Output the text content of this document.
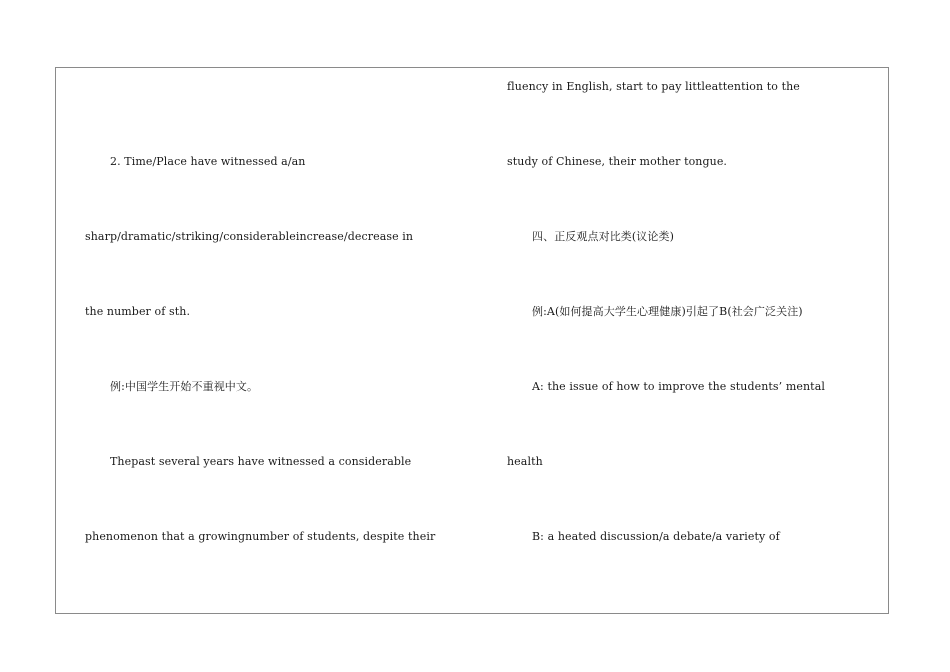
2. Time/Place have witnessed a/an
sharp/dramatic/striking/considerableincrease/decrease in
the number of sth.
例:中国学生开始不重视中文。
Thepast several years have witnessed a considerable
phenomenon that a growingnumber of students, despite their
fluency in English, start to pay littleattention to the
study of Chinese, their mother tongue.
四、正反观点对比类(议论类)
例:A(如何提高大学生心理健康)引起了B(社会广泛关注)
A: the issue of how to improve the students’ mental
health
B: a heated discussion/a debate/a variety of
